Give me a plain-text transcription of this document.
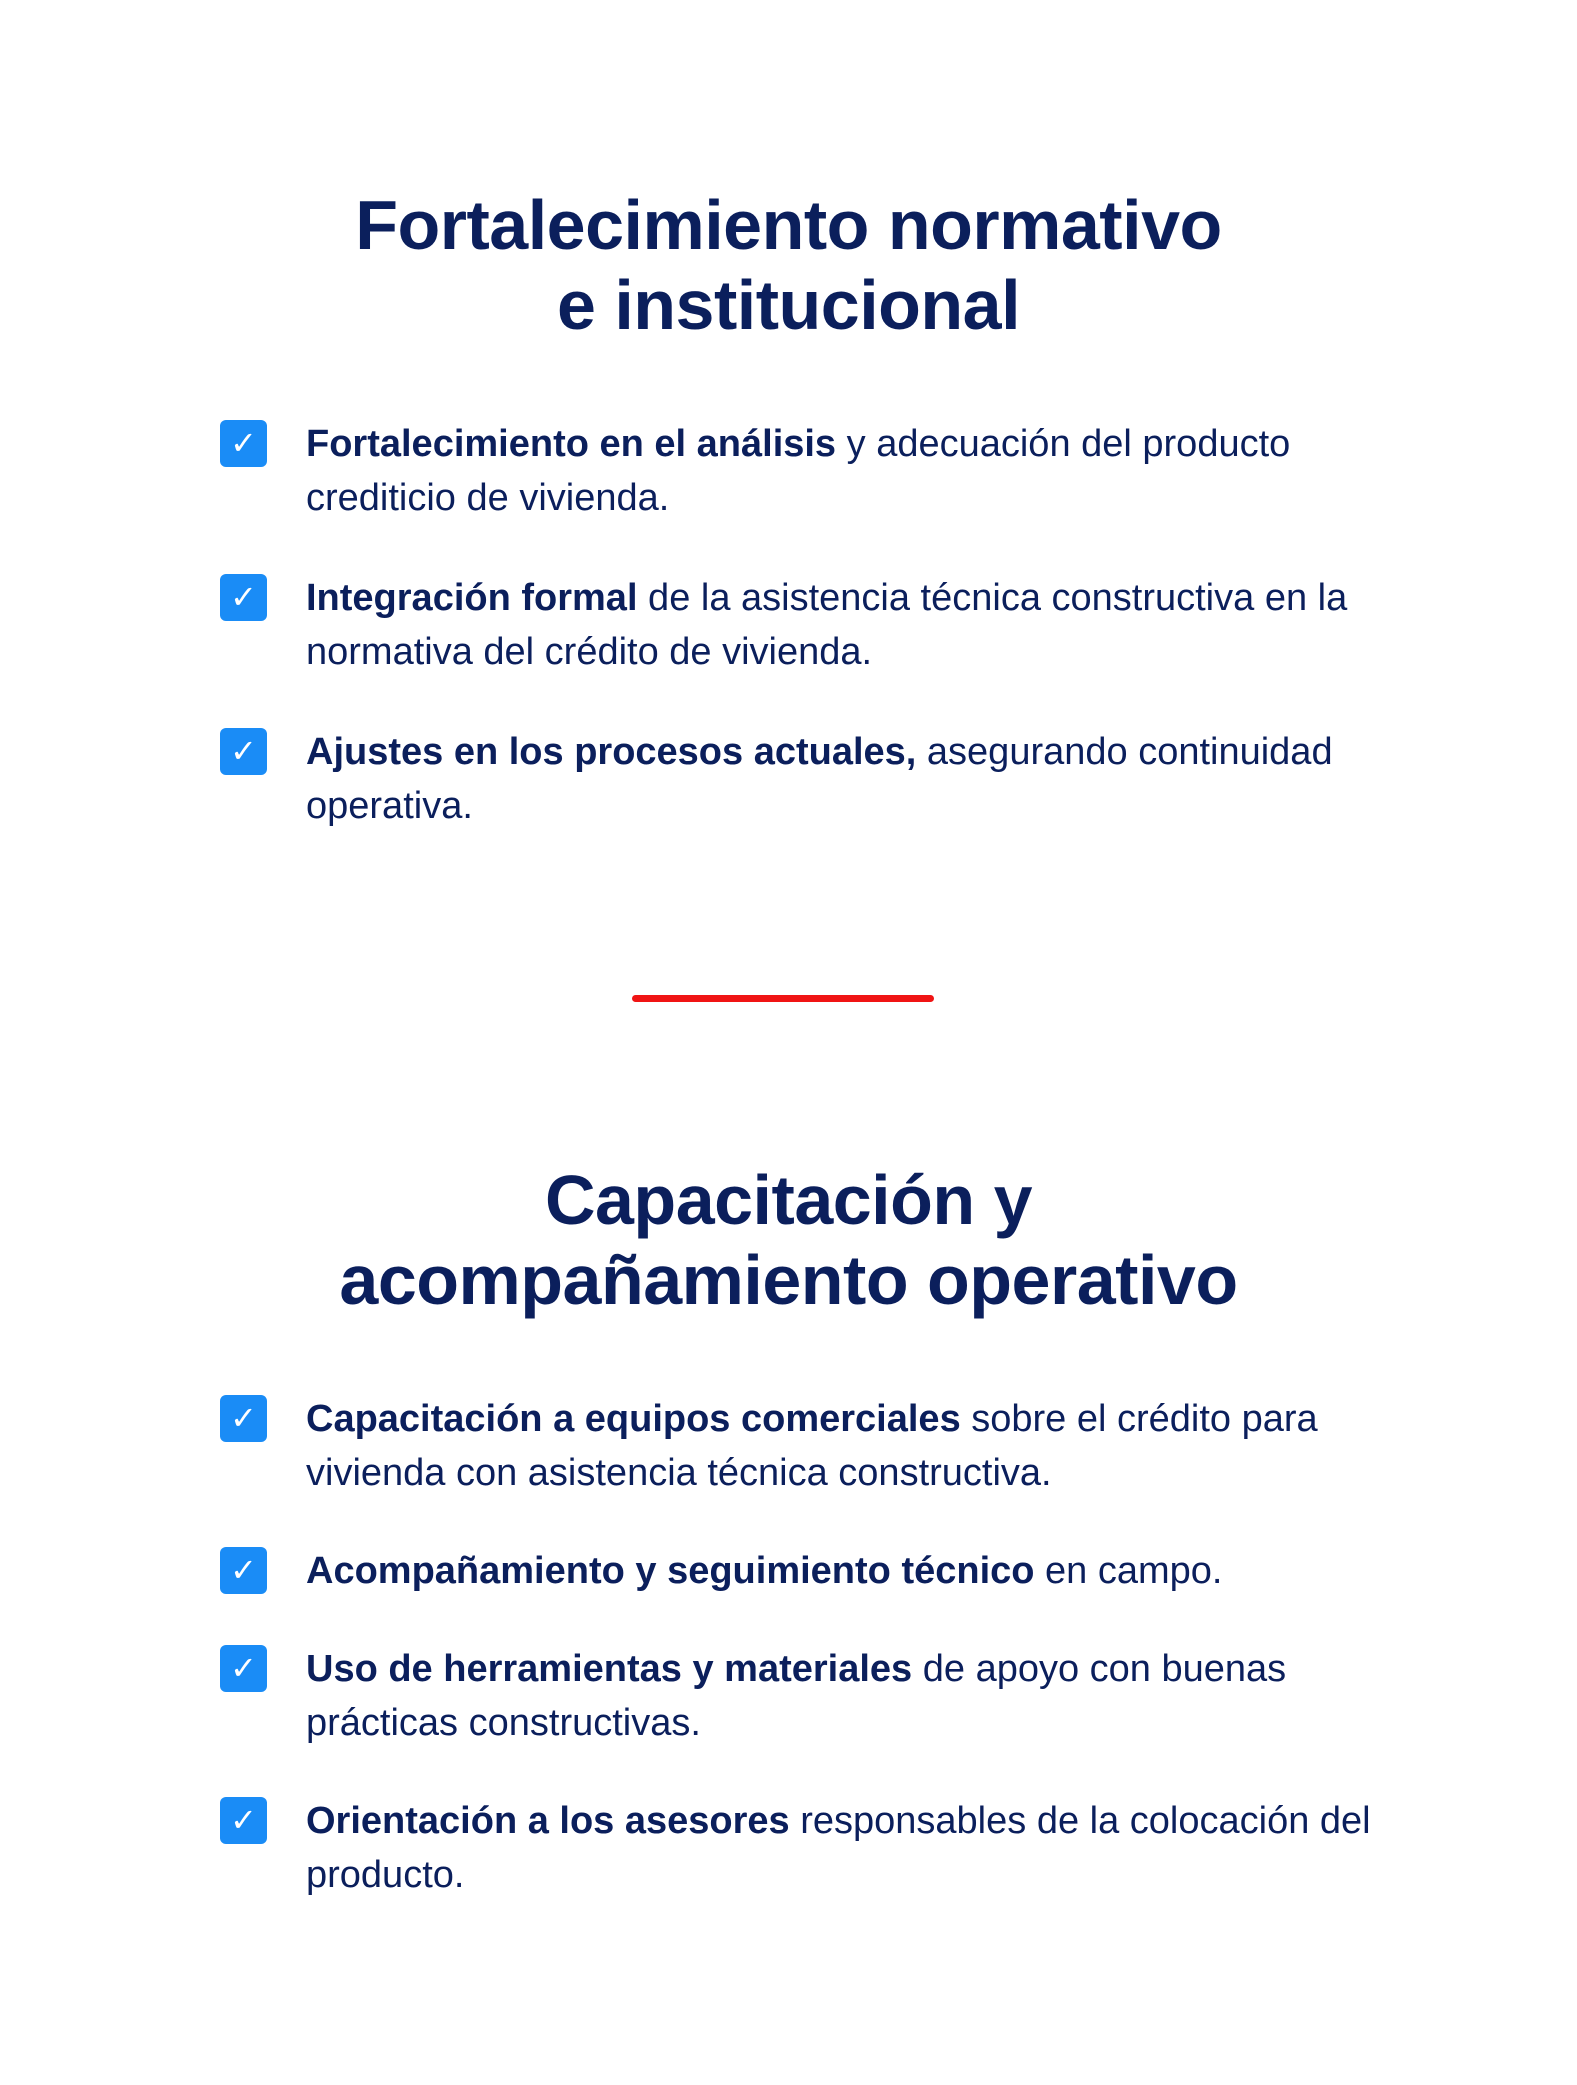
Fortalecimiento normativo
e institucional
✓ Fortalecimiento en el análisis y adecuación del producto crediticio de vivienda.
✓ Integración formal de la asistencia técnica constructiva en la normativa del crédito de vivienda.
✓ Ajustes en los procesos actuales, asegurando continuidad operativa.
Capacitación y
acompañamiento operativo
✓ Capacitación a equipos comerciales sobre el crédito para vivienda con asistencia técnica constructiva.
✓ Acompañamiento y seguimiento técnico en campo.
✓ Uso de herramientas y materiales de apoyo con buenas prácticas constructivas.
✓ Orientación a los asesores responsables de la colocación del producto.
